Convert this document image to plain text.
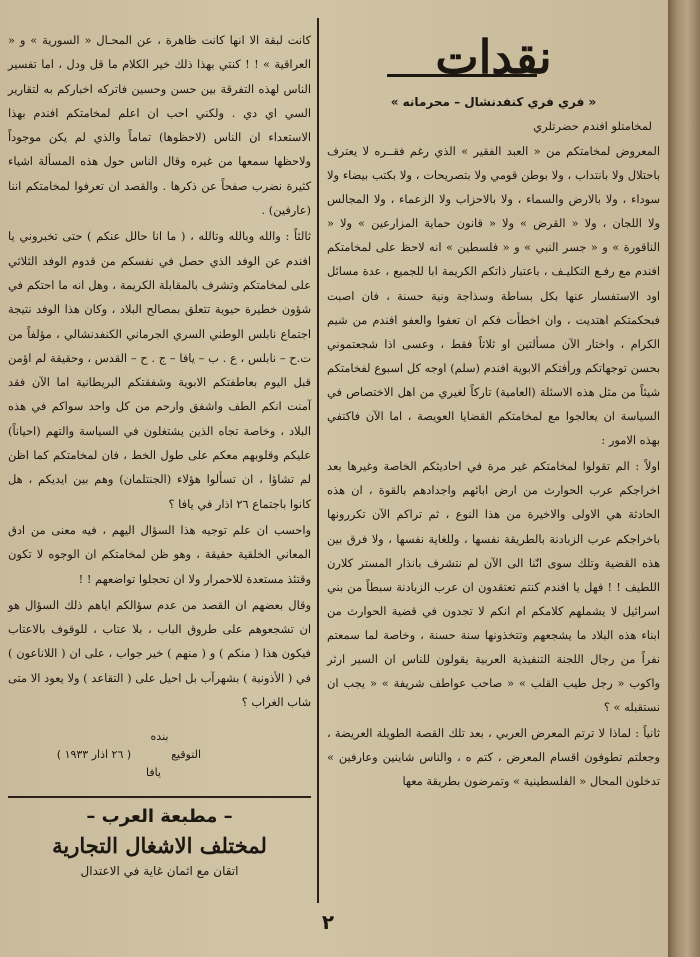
نقدات
« فري فري كنفدنشال – محرمانه »
لمخامتلو افندم حضرتلري

المعروض لمخامتكم من « العبد الفقير » الذي رغم فقــره لا يعترف باحتلال ولا بانتداب ، ولا بوطن قومي ولا بتصريحات ، ولا بكتب بيضاء ولا سوداء ، ولا بالارض والسماء ، ولا بالاحزاب ولا الزعماء ، ولا المجالس ولا اللجان ، ولا « القرض » ولا « قانون حماية المزارعين » ولا « الناقورة » و « جسر النبي » و « فلسطين » انه لاحظ على لمخامتكم افندم مع رفـع التكليـف ، باعتبار ذاتكم الكريمة ابا للجميع ، عدة مسائل اود الاستفسار عنها بكل بساطة وسذاجة ونية حسنة ، فان اصبت فبحكمتكم اهتديت ، وان اخطأت فكم ان تعفوا والعفو افندم من شيم الكرام ، واختار الآن مسألتين او ثلاثاً فقط ، وعسى اذا شجعتموني بحسن توجهاتكم ورأفتكم الابوية افندم (سلم) اوجه كل اسبوع لفخامتكم شيئاً من مثل هذه الاسئلة (العامية) تاركاً لغيري من اهل الاختصاص في السياسة ان يعالجوا مع لمخامتكم القضايا العويصة ، اما الآن فاكتفي بهذه الامور :

اولاً : الم تقولوا لمخامتكم غير مرة في احاديثكم الخاصة وغيرها بعد اخراجكم عرب الحوارث من ارض ابائهم واجدادهم بالقوة ، ان هذه الحادثة هي الاولى والاخيرة من هذا النوع ، ثم تراكم الآن تكررونها باخراجكم عرب الزبادنة بالطريقة نفسها ، وللغاية نفسها ، ولا فرق بين هذه القضية وتلك سوى انّنا الى الآن لم نتشرف بانذار المستر كلارن اللطيف ! ! فهل يا افندم كنتم تعتقدون ان عرب الزبادنة سبطاً من بني اسرائيل لا يشملهم كلامكم ام انكم لا تجدون في قضية الحوارث من ابناء هذه البلاد ما يشجعهم وتتخذونها سنة حسنة ، وخاصة لما سمعتم نفراً من رجال اللجنة التنفيذية العربية يقولون للناس ان السير ارثر واكوب « رجل طيب القلب » « صاحب عواطف شريفة » « يجب ان نستقبله » ؟

ثانياً : لماذا لا ترتم المعرض العربي ، بعد تلك القصة الطويلة العريضة ، وجعلتم تطوفون اقسام المعرض ، كتم ه ، والناس شاينين وعارفين » تدخلون المحال « الفلسطينية » وتمرضون بطريقة معها

كانت لبقة الا انها كانت ظاهرة ، عن المحـال « السورية » و « العراقية » ! ! كنتي بهذا ذلك خير الكلام ما قل ودل ، اما تفسير الناس لهذه التفرقة بين حسن وحسين فاتركه اخباركم به لتقارير السي اي دي . ولكني احب ان اعلم لمخامتكم افندم بهذا الاستعداء ان الناس (لاحظوها) تماماً والذي لم يكن موجوداً ولاحظها سمعها من غيره وقال الناس حول هذه المسألة اشياء كثيرة نضرب صفحاً عن ذكرها . والقصد ان تعرفوا لمخامتكم اننا (عارفين) .

ثالثاً : والله وبالله وتالله ، ( ما انا حالل عنكم ) حتى تخبروني يا افندم عن الوفد الذي حصل في نفسكم من قدوم الوفد الثلاثي على لمخامتكم وتشرف بالمقابلة الكريمة ، وهل انه ما احتكم في شؤون خطيرة حيوية تتعلق بمصالح البلاد ، وكان هذا الوفد نتيجة اجتماع نابلس الوطني السري الجرماني الكنفدنشالي ، مؤلفاً من ت.ح – نابلس ، ع . ب – يافا – ج . ح – القدس ، وحقيقة لم اؤمن قبل اليوم بعاطفتكم الابوية وشفقتكم البريطانية اما الآن فقد آمنت انكم الطف واشفق وارحم من كل واحد سواكم في هذه البلاد ، وخاصة تجاه الذين يشتغلون في السياسة والتهم (احياناً) عليكم وقلوبهم معكم على طول الخط ، فان لمخامتكم كما اظن لم تشاؤا ، ان تسألوا هؤلاء (الجنتلمان) وهم بين ايديكم ، هل كانوا باجتماع ٢٦ اذار في يافا ؟

واحسب ان علم توجيه هذا السؤال اليهم ، فيه معنى من ادق المعاني الخلقية حقيقة ، وهو ظن لمخامتكم ان الوجوه لا تكون وقتئذ مستعدة للاحمرار ولا ان تحجلوا تواضعهم ! !

وقال بعضهم ان القصد من عدم سؤالكم اياهم ذلك السؤال هو ان تشجعوهم على طروق الباب ، بلا عتاب ، للوقوف بالاعتاب فيكون هذا ( منكم ) و ( منهم ) خير جواب ، على ان ( اللاناعون ) في ( الأذونية ) بشهرآب بل احيل على ( التقاعد ) ولا يعود الا متى شاب الغراب ؟

بنده
التوقيع
( ٢٦ اذار ١٩٣٣ )
يافا
– مطبعة العرب –
لمختلف الاشغال التجارية
اتقان مع اثمان غاية في الاعتدال
٢
